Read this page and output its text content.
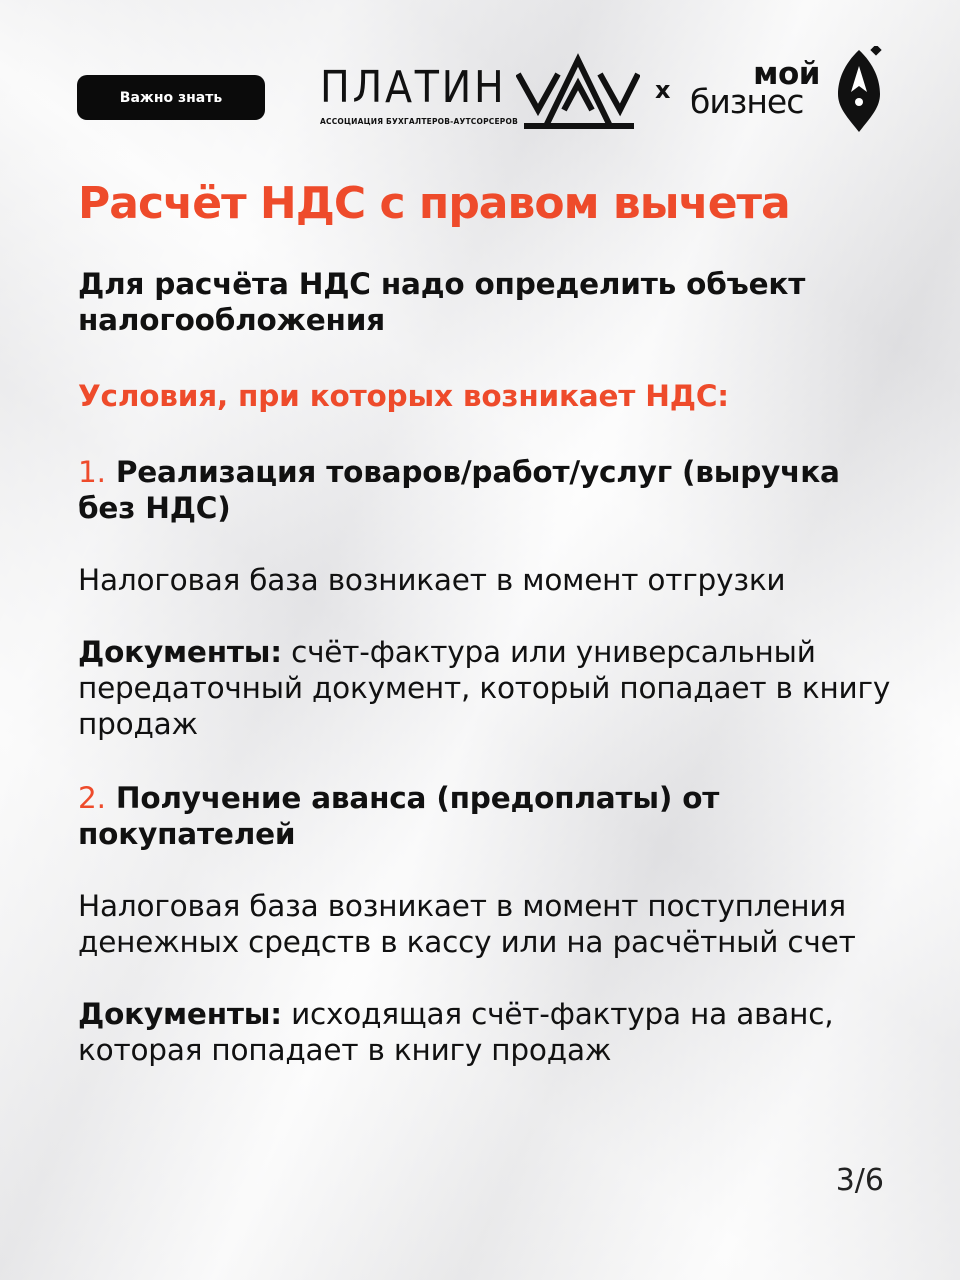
Важно знать ПЛАТИН
АССОЦИАЦИЯ БУХГАЛТЕРОВ-АУТСОРСЕРОВ
x	мой
бизнес
Расчёт НДС с правом вычета

Для расчёта НДС надо определить объект налогообложения

Условия, при которых возникает НДС:

1. Реализация товаров/работ/услуг (выручка без НДС)

Налоговая база возникает в момент отгрузки

Документы: счёт-фактура или универсальный передаточный документ, который попадает в книгу продаж

2. Получение аванса (предоплаты) от покупателей

Налоговая база возникает в момент поступления денежных средств в кассу или на расчётный счет

Документы: исходящая счёт-фактура на аванс, которая попадает в книгу продаж

3/6
